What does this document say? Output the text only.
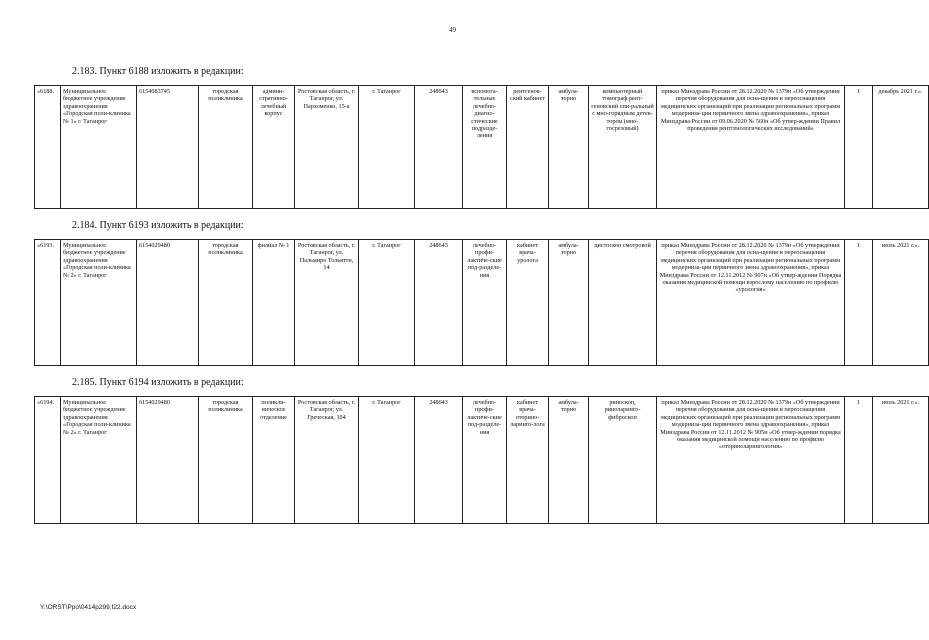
49
2.183. Пункт 6188 изложить в редакции:
«6188.	Муниципальное бюджетное учреждение здравоохранения «Городская поли-клиника № 1» г. Таганрог	6154083745	городская поликлиника	админи-стративно-лечебный корпус	Ростовская область, г. Таганрог, ул. Пархоменко, 15-а	г. Таганрог	248643	вспомога-тельные лечебно-диагно-стические подразде-ления	рентгенов-ский кабинет	амбула-торно	компьютерный томограф рент-геновский спи-ральный с мно-горядным детек-тором (мно-госрезовый)	приказ Минздрава России от 28.12.2020 № 1379н «Об утверждении перечня оборудования для осна-щения и переоснащения медицинских организаций при реализации региональных программ модерниза-ции первичного звена здравоохранения», приказ Минздрава России от 09.06.2020 № 560н «Об утвер-ждении Правил проведения рентгенологических исследований»	1	декабрь 2021 г.».
2.184. Пункт 6193 изложить в редакции:
«6193.	Муниципальное бюджетное учреждение здравоохранения «Городская поли-клиника № 2» г. Таганрог	6154029480	городская поликлиника	филиал № 1	Ростовская область, г. Таганрог, ул. Пальмиро Тольятти, 14	г. Таганрог	248643	лечебно-профи-лактиче-ские под-разделе-ния	кабинет врача-уролога	амбула-торно	цистоскоп смотровой	приказ Минздрава России от 28.12.2020 № 1379н «Об утверждении перечня оборудования для осна-щения и переоснащения медицинских организаций при реализации региональных программ модерниза-ции первичного звена здравоохранения», приказ Минздрава России от 12.11.2012 № 907н «Об утвер-ждении Порядка оказания медицинской помощи взрослому населению по профилю «урология»	1	июль 2021 г.».
2.185. Пункт 6194 изложить в редакции:
«6194.	Муниципальное бюджетное учреждение здравоохранения «Городская поли-клиника № 2» г. Таганрог	6154029480	городская поликлиника	поликли-ническое отделение	Ростовская область, г. Таганрог, ул. Греческая, 104	г. Таганрог	248643	лечебно-профи-лактиче-ские под-разделе-ния	кабинет врача-оторино-ларинго-лога	амбула-торно	риноскоп, риноларинго-фиброскоп	приказ Минздрава России от 28.12.2020 № 1379н «Об утверждении перечня оборудования для осна-щения и переоснащения медицинских организаций при реализации региональных программ модерниза-ции первичного звена здравоохранения», приказ Минздрава России от 12.11.2012 № 905н «Об утвер-ждении порядка оказания медицинской помощи населению по профилю «оториноларингология»	1	июль 2021 г.».
Y:\ORST\Ppo\0414p299.f22.docx
